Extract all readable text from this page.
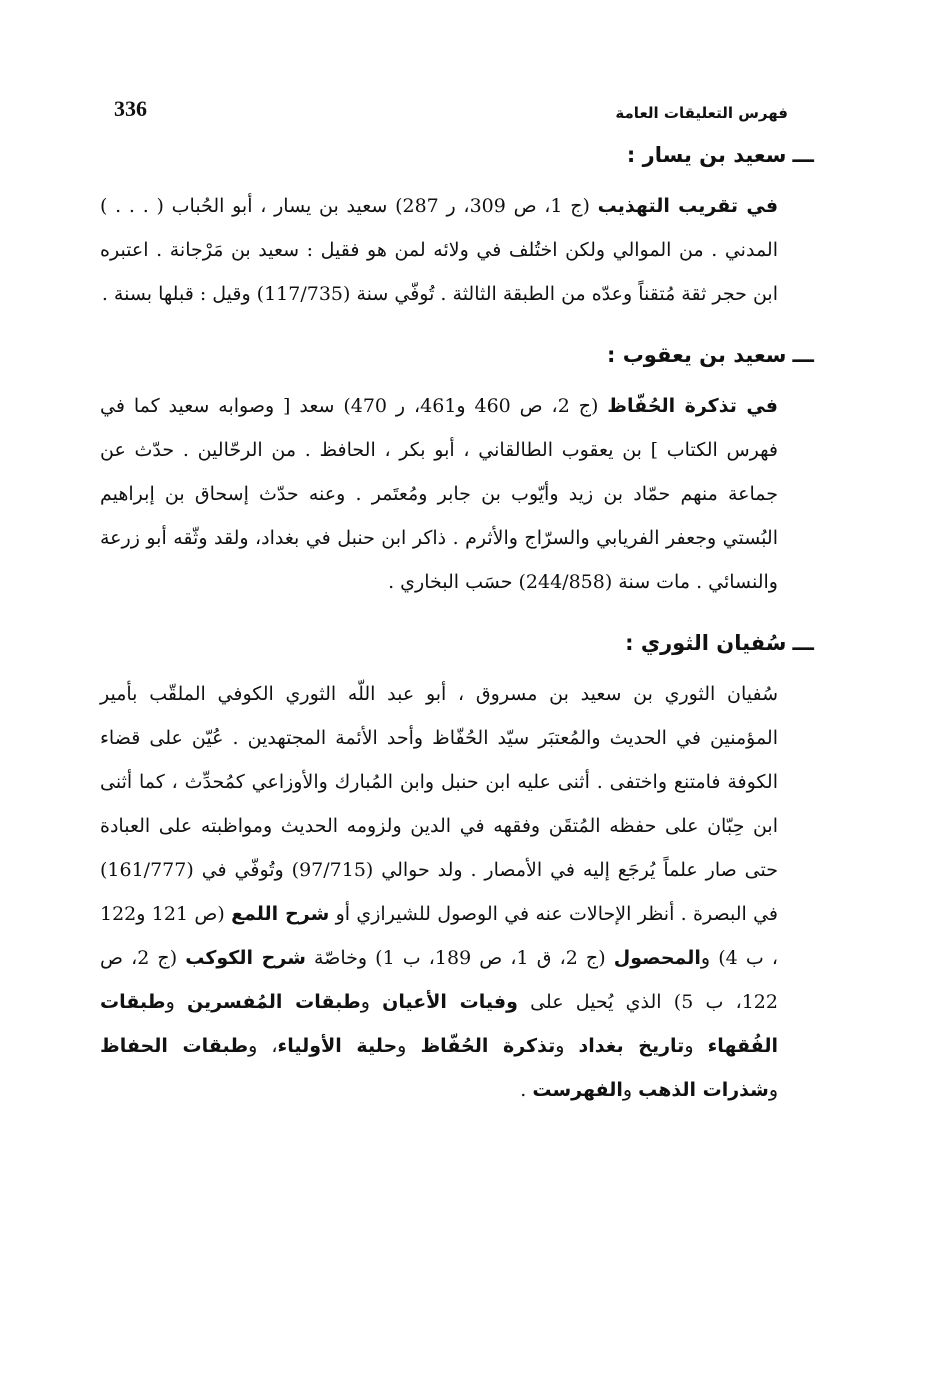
336	فهرس التعليقات العامة
ـــسعيد بن يسار :

في تقريب التهذيب (ج 1، ص 309، ر 287) سعيد بن يسار ، أبو الحُباب ( . . . ) المدني . من الموالي ولكن اختُلف في ولائه لمن هو فقيل : سعيد بن مَرْجانة . اعتبره ابن حجر ثقة مُتقناً وعدّه من الطبقة الثالثة . تُوفّي سنة (117/735) وقيل : قبلها بسنة .

ـــسعيد بن يعقوب :

في تذكرة الحُفّاظ (ج 2، ص 460 و461، ر 470) سعد [ وصوابه سعيد كما في فهرس الكتاب ] بن يعقوب الطالقاني ، أبو بكر ، الحافظ . من الرحّالين . حدّث عن جماعة منهم حمّاد بن زيد وأيّوب بن جابر ومُعتَمر . وعنه حدّث إسحاق بن إبراهيم البُستي وجعفر الفريابي والسرّاج والأثرم . ذاكر ابن حنبل في بغداد، ولقد وثّقه أبو زرعة والنسائي . مات سنة (244/858) حسَب البخاري .

ـــسُفيان الثوري :

سُفيان الثوري بن سعيد بن مسروق ، أبو عبد اللّه الثوري الكوفي الملقّب بأمير المؤمنين في الحديث والمُعتبَر سيّد الحُفّاظ وأحد الأئمة المجتهدين . عُيّن على قضاء الكوفة فامتنع واختفى . أثنى عليه ابن حنبل وابن المُبارك والأوزاعي كمُحدِّث ، كما أثنى ابن حِبّان على حفظه المُتقَن وفقهه في الدين ولزومه الحديث ومواظبته على العبادة حتى صار علماً يُرجَع إليه في الأمصار . ولد حوالي (97/715) وتُوفّي في (161/777) في البصرة . أنظر الإحالات عنه في الوصول للشيرازي أو شرح اللمع (ص 121 و122 ، ب 4) والمحصول (ج 2، ق 1، ص 189، ب 1) وخاصّة شرح الكوكب (ج 2، ص 122، ب 5) الذي يُحيل على وفيات الأعيان وطبقات المُفسرين وطبقات الفُقهاء وتاريخ بغداد وتذكرة الحُفّاظ وحلية الأولياء، وطبقات الحفاظ وشذرات الذهب والفهرست .
